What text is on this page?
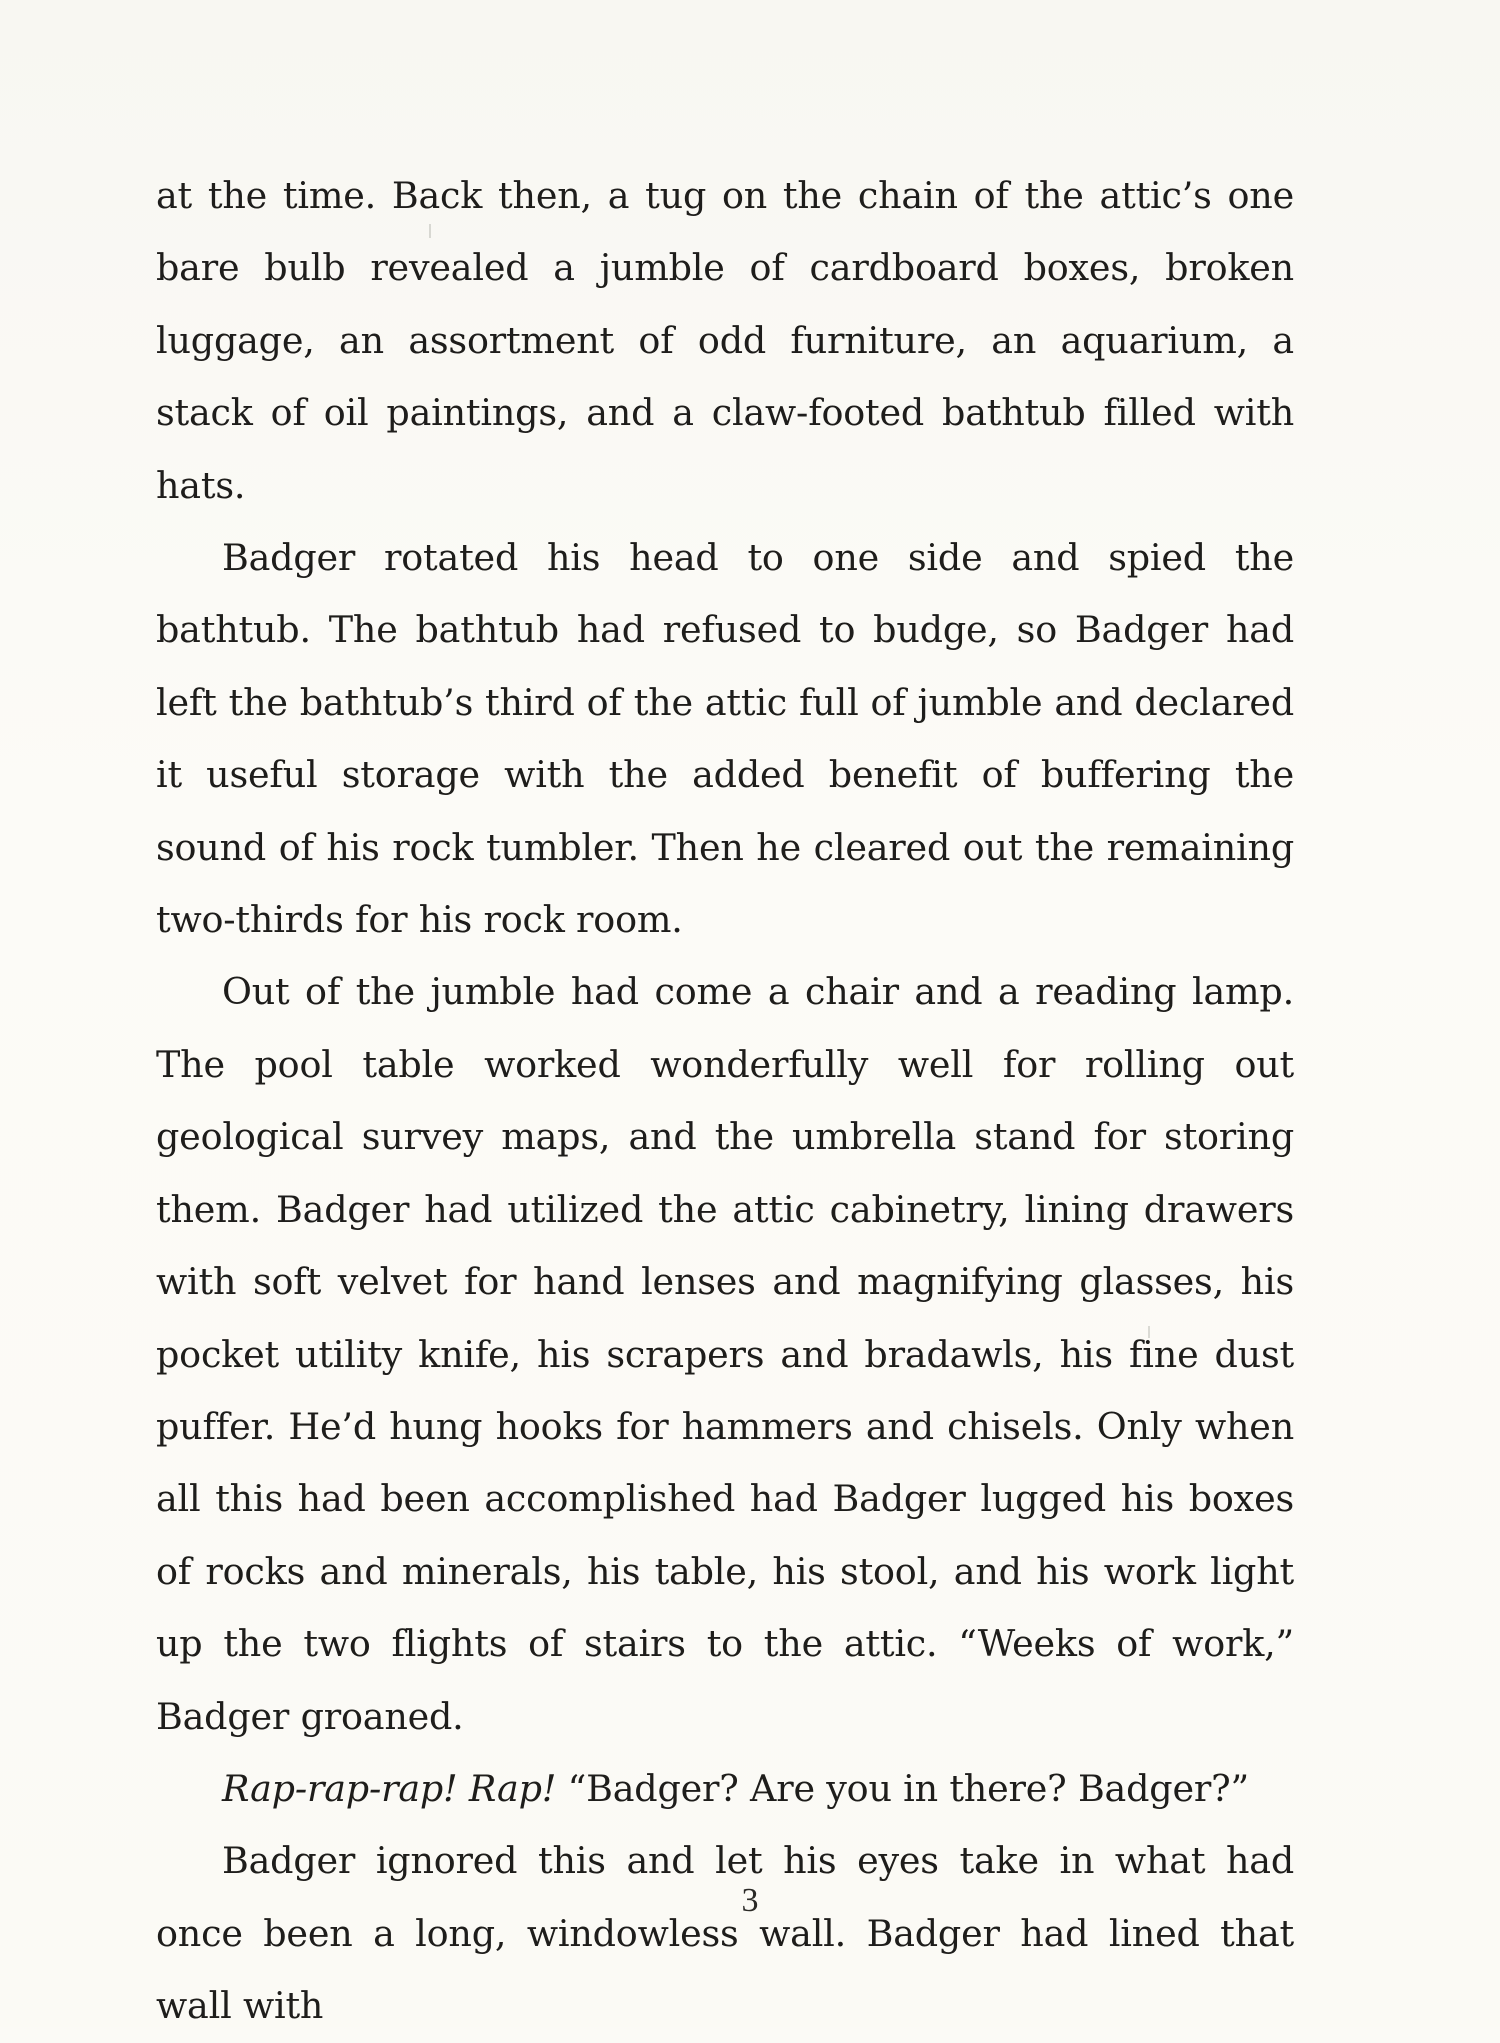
at the time. Back then, a tug on the chain of the attic’s one bare bulb revealed a jumble of cardboard boxes, broken luggage, an assortment of odd furniture, an aquarium, a stack of oil paintings, and a claw-footed bathtub filled with hats.

Badger rotated his head to one side and spied the bathtub. The bathtub had refused to budge, so Badger had left the bathtub’s third of the attic full of jumble and declared it useful storage with the added benefit of buffering the sound of his rock tumbler. Then he cleared out the remaining two-thirds for his rock room.

Out of the jumble had come a chair and a reading lamp. The pool table worked wonderfully well for rolling out geological survey maps, and the umbrella stand for storing them. Badger had utilized the attic cabinetry, lining drawers with soft velvet for hand lenses and magnifying glasses, his pocket utility knife, his scrapers and bradawls, his fine dust puffer. He’d hung hooks for hammers and chisels. Only when all this had been accomplished had Badger lugged his boxes of rocks and minerals, his table, his stool, and his work light up the two flights of stairs to the attic. “Weeks of work,” Badger groaned.

Rap-rap-rap! Rap! “Badger? Are you in there? Badger?”

Badger ignored this and let his eyes take in what had once been a long, windowless wall. Badger had lined that wall with

3
